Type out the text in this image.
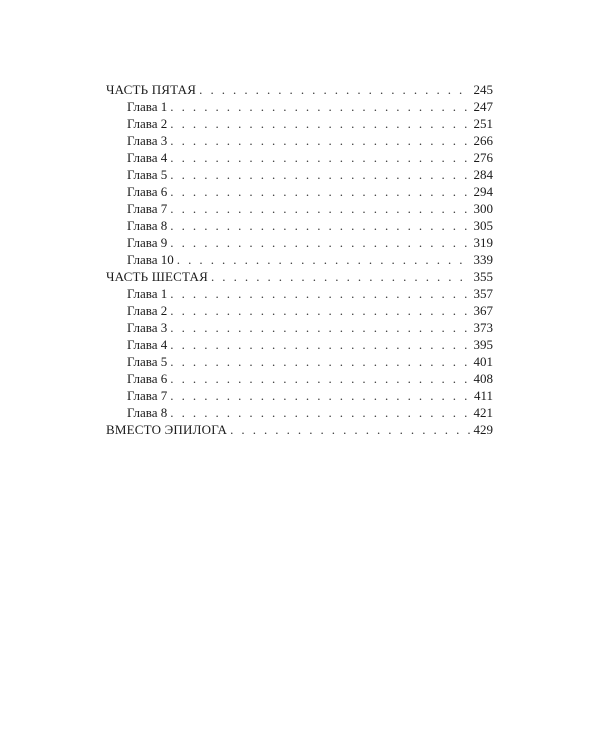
ЧАСТЬ ПЯТАЯ . . .	245
Глава 1 . . .	247
Глава 2 . . .	251
Глава 3 . . .	266
Глава 4 . . .	276
Глава 5 . . .	284
Глава 6 . . .	294
Глава 7 . . .	300
Глава 8 . . .	305
Глава 9 . . .	319
Глава 10 . . .	339
ЧАСТЬ ШЕСТАЯ . . .	355
Глава 1 . . .	357
Глава 2 . . .	367
Глава 3 . . .	373
Глава 4 . . .	395
Глава 5 . . .	401
Глава 6 . . .	408
Глава 7 . . .	411
Глава 8 . . .	421
ВМЕСТО ЭПИЛОГА . . .	429
